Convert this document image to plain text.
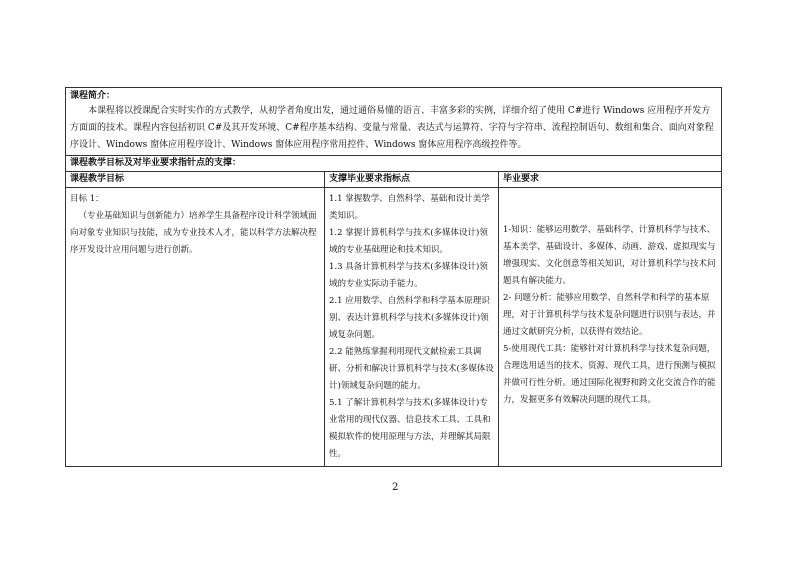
课程简介：
本课程将以授课配合实时实作的方式教学，从初学者角度出发，通过通俗易懂的语言、丰富多彩的实例，详细介绍了使用 C#进行 Windows 应用程序开发方方面面的技术。课程内容包括初识 C#及其开发环境、C#程序基本结构、变量与常量、表达式与运算符、字符与字符串、流程控制语句、数组和集合、面向对象程序设计、Windows 窗体应用程序设计、Windows 窗体应用程序常用控件、Windows 窗体应用程序高级控件等。
课程教学目标及对毕业要求指针点的支撑：
课程教学目标	支撑毕业要求指标点	毕业要求
目标 1：
（专业基础知识与创新能力）培养学生具备程序设计科学领域面向对象专业知识与技能，成为专业技术人才，能以科学方法解决程序开发设计应用问题与进行创新。
1.1 掌握数学、自然科学、基础和设计美学类知识。
1.2 掌握计算机科学与技术(多媒体设计)领域的专业基础理论和技术知识。
1.3 具备计算机科学与技术(多媒体设计)领域的专业实际动手能力。
2.1 应用数学、自然科学和科学基本原理识别、表达计算机科学与技术(多媒体设计)领域复杂问题。
2.2 能熟练掌握利用现代文献检索工具调研、分析和解决计算机科学与技术(多媒体设计)领域复杂问题的能力。
5.1 了解计算机科学与技术(多媒体设计)专业常用的现代仪器、信息技术工具、工具和模拟软件的使用原理与方法，并理解其局限性。
1-知识：能够运用数学、基础科学、计算机科学与技术、基本美学、基础设计、多媒体、动画、游戏、虚拟现实与增强现实、文化创意等相关知识，对计算机科学与技术问题具有解决能力。
2- 问题分析：能够应用数学、自然科学和科学的基本原理，对于计算机科学与技术复杂问题进行识别与表达，并通过文献研究分析，以获得有效结论。
5-使用现代工具：能够针对计算机科学与技术复杂问题，合理选用适当的技术、资源、现代工具，进行预测与模拟并做可行性分析。通过国际化视野和跨文化交流合作的能力，发掘更多有效解决问题的现代工具。
2
